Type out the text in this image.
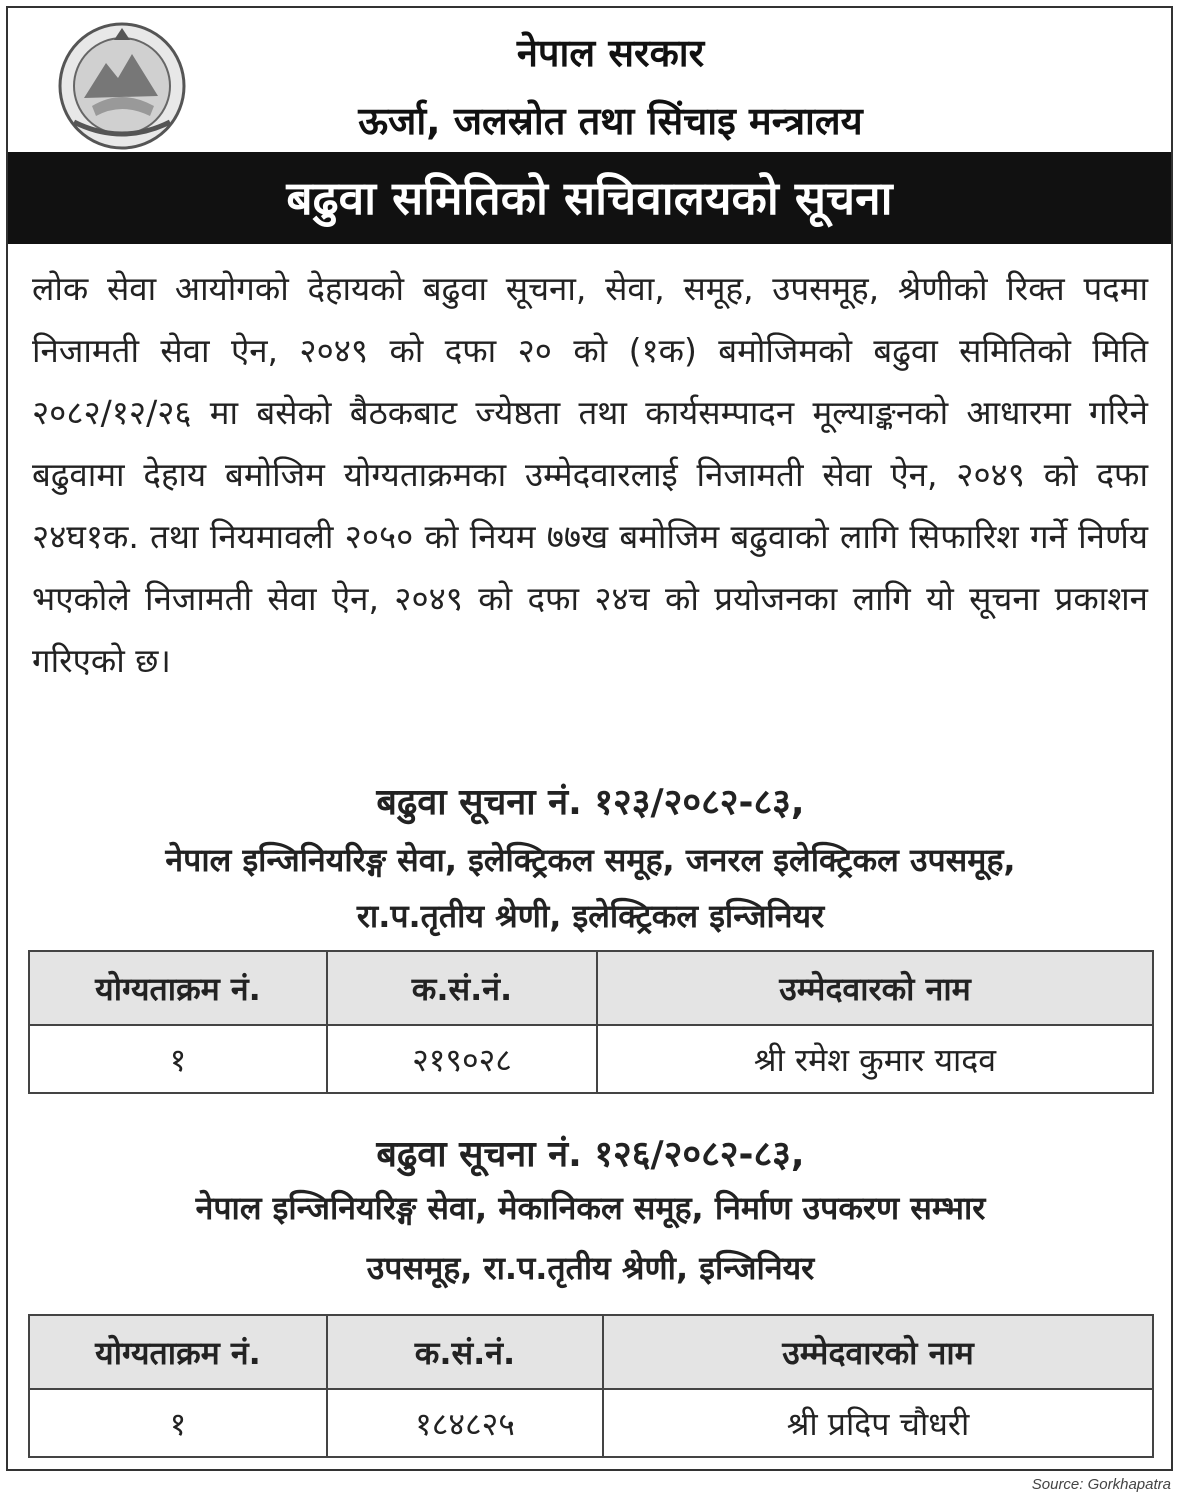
नेपाल सरकार
ऊर्जा, जलस्रोत तथा सिंचाइ मन्त्रालय
बढुवा समितिको सचिवालयको सूचना
लोक सेवा आयोगको देहायको बढुवा सूचना, सेवा, समूह, उपसमूह, श्रेणीको रिक्त पदमा निजामती सेवा ऐन, २०४९ को दफा २० को (१क) बमोजिमको बढुवा समितिको मिति २०८२/१२/२६ मा बसेको बैठकबाट ज्येष्ठता तथा कार्यसम्पादन मूल्याङ्कनको आधारमा गरिने बढुवामा देहाय बमोजिम योग्यताक्रमका उम्मेदवारलाई निजामती सेवा ऐन, २०४९ को दफा २४घ१क. तथा नियमावली २०५० को नियम ७७ख बमोजिम बढुवाको लागि सिफारिश गर्ने निर्णय भएकोले निजामती सेवा ऐन, २०४९ को दफा २४च को प्रयोजनका लागि यो सूचना प्रकाशन गरिएको छ।
बढुवा सूचना नं. १२३/२०८२-८३,
नेपाल इन्जिनियरिङ्ग सेवा, इलेक्ट्रिकल समूह, जनरल इलेक्ट्रिकल उपसमूह,
रा.प.तृतीय श्रेणी, इलेक्ट्रिकल इन्जिनियर
योग्यताक्रम नं.	क.सं.नं.	उम्मेदवारको नाम
१	२१९०२८	श्री रमेश कुमार यादव
बढुवा सूचना नं. १२६/२०८२-८३,
नेपाल इन्जिनियरिङ्ग सेवा, मेकानिकल समूह, निर्माण उपकरण सम्भार
उपसमूह, रा.प.तृतीय श्रेणी, इन्जिनियर
योग्यताक्रम नं.	क.सं.नं.	उम्मेदवारको नाम
१	१८४८२५	श्री प्रदिप चौधरी
Source: Gorkhapatra
